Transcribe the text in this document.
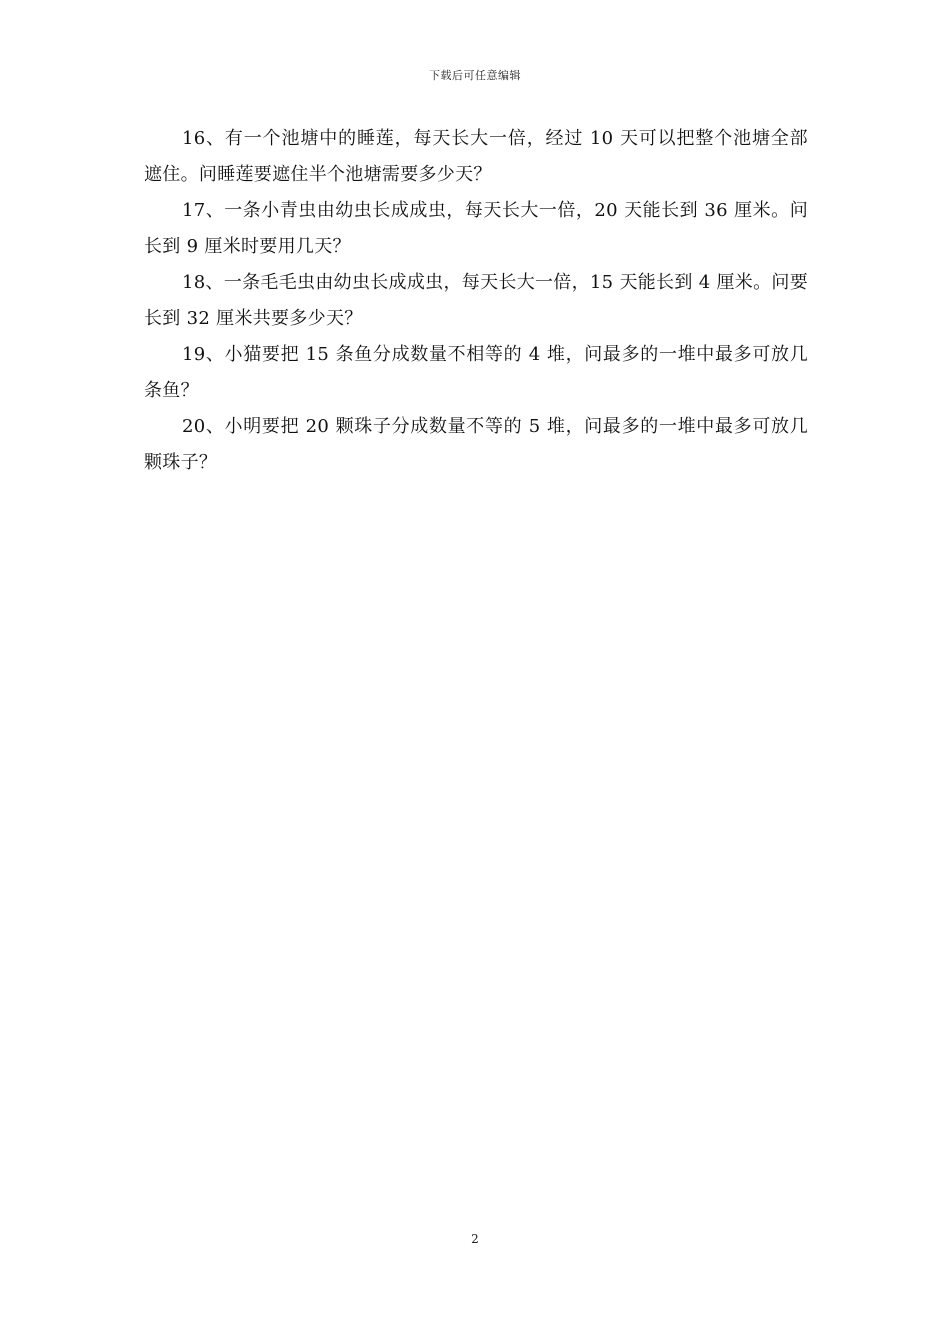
下载后可任意编辑

16、有一个池塘中的睡莲，每天长大一倍，经过 10 天可以把整个池塘全部遮住。问睡莲要遮住半个池塘需要多少天？

17、一条小青虫由幼虫长成成虫，每天长大一倍，20 天能长到 36 厘米。问长到 9 厘米时要用几天？

18、一条毛毛虫由幼虫长成成虫，每天长大一倍，15 天能长到 4 厘米。问要长到 32 厘米共要多少天？

19、小猫要把 15 条鱼分成数量不相等的 4 堆，问最多的一堆中最多可放几条鱼？

20、小明要把 20 颗珠子分成数量不等的 5 堆，问最多的一堆中最多可放几颗珠子？

2
